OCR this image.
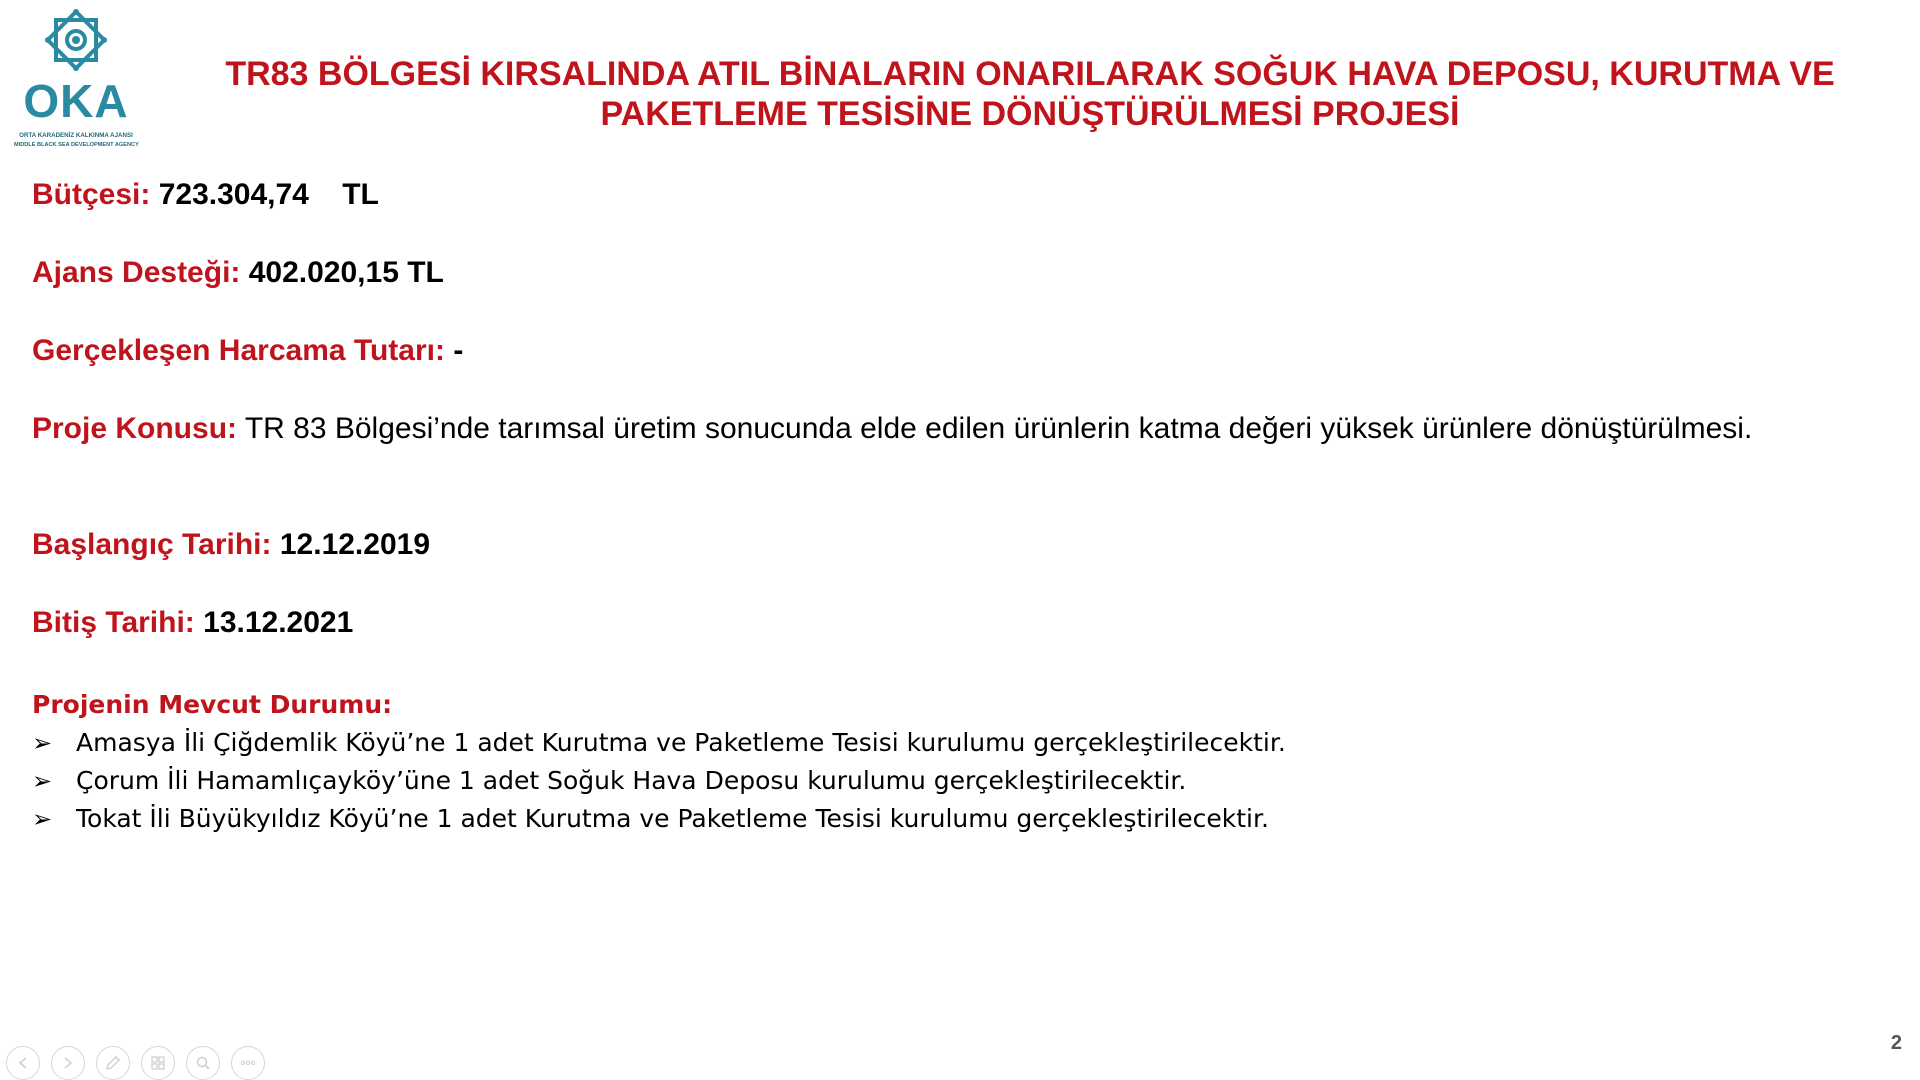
OKA
ORTA KARADENİZ KALKINMA AJANSI
MIDDLE BLACK SEA DEVELOPMENT AGENCY
TR83 BÖLGESİ KIRSALINDA ATIL BİNALARIN ONARILARAK SOĞUK HAVA DEPOSU, KURUTMA VE
PAKETLEME TESİSİNE DÖNÜŞTÜRÜLMESİ PROJESİ
Bütçesi: 723.304,74    TL
Ajans Desteği: 402.020,15 TL
Gerçekleşen Harcama Tutarı: -
Proje Konusu: TR 83 Bölgesi’nde tarımsal üretim sonucunda elde edilen ürünlerin katma değeri yüksek ürünlere dönüştürülmesi.
Başlangıç Tarihi: 12.12.2019
Bitiş Tarihi: 13.12.2021
Projenin Mevcut Durumu:
➢ Amasya İli Çiğdemlik Köyü’ne 1 adet Kurutma ve Paketleme Tesisi kurulumu gerçekleştirilecektir.
➢ Çorum İli Hamamlıçayköy’üne 1 adet Soğuk Hava Deposu kurulumu gerçekleştirilecektir.
➢ Tokat İli Büyükyıldız Köyü’ne 1 adet Kurutma ve Paketleme Tesisi kurulumu gerçekleştirilecektir.
2
